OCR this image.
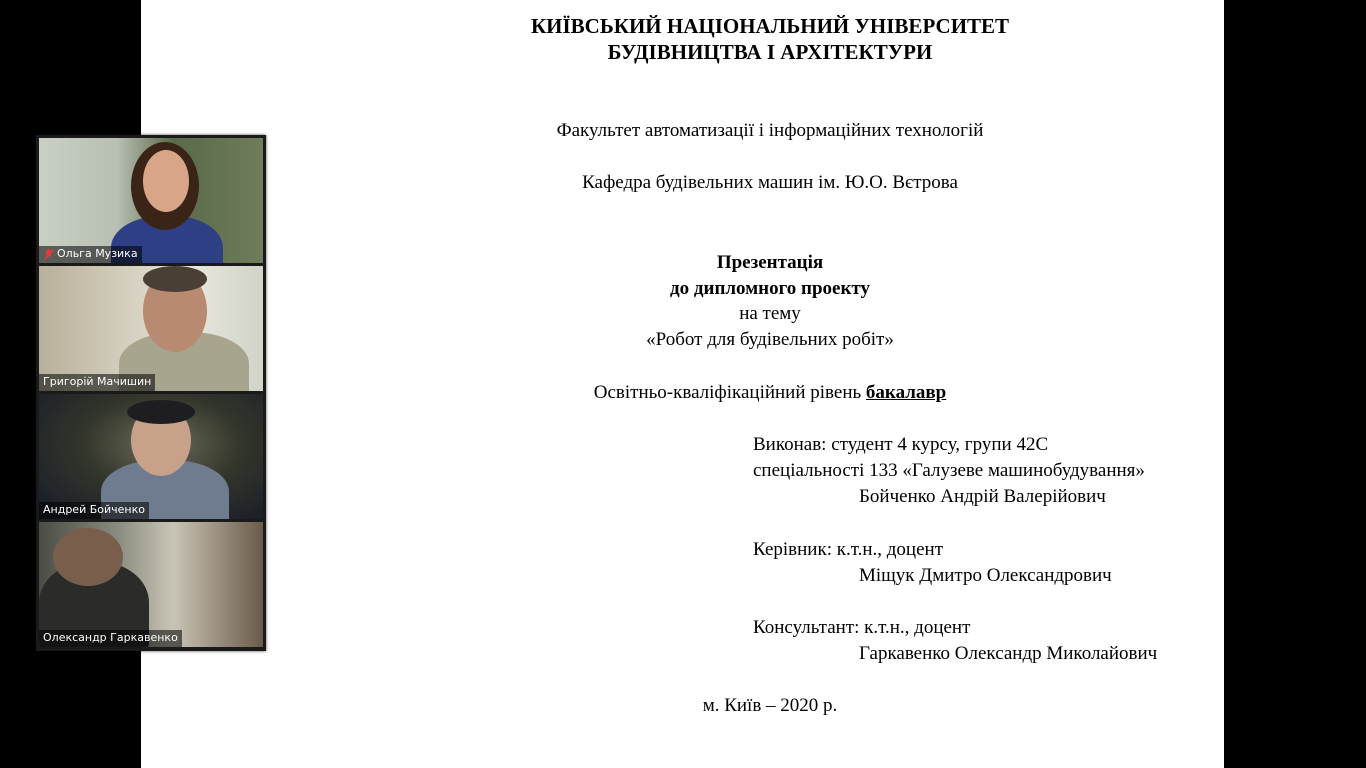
КИЇВСЬКИЙ НАЦІОНАЛЬНИЙ УНІВЕРСИТЕТ
БУДІВНИЦТВА І АРХІТЕКТУРИ
Факультет автоматизації і інформаційних технологій
Кафедра будівельних машин ім. Ю.О. Вєтрова
Презентація
до дипломного проекту
на тему
«Робот для будівельних робіт»
Освітньо-кваліфікаційний рівень бакалавр
Виконав: студент 4 курсу, групи 42С
спеціальності 133 «Галузеве машинобудування»
Бойченко Андрій Валерійович
Керівник: к.т.н., доцент
Міщук Дмитро Олександрович
Консультант: к.т.н., доцент
Гаркавенко Олександр Миколайович
м. Київ – 2020 р.
Ольга Музика
Григорій Мачишин
Андрей Бойченко
Олександр Гаркавенко
